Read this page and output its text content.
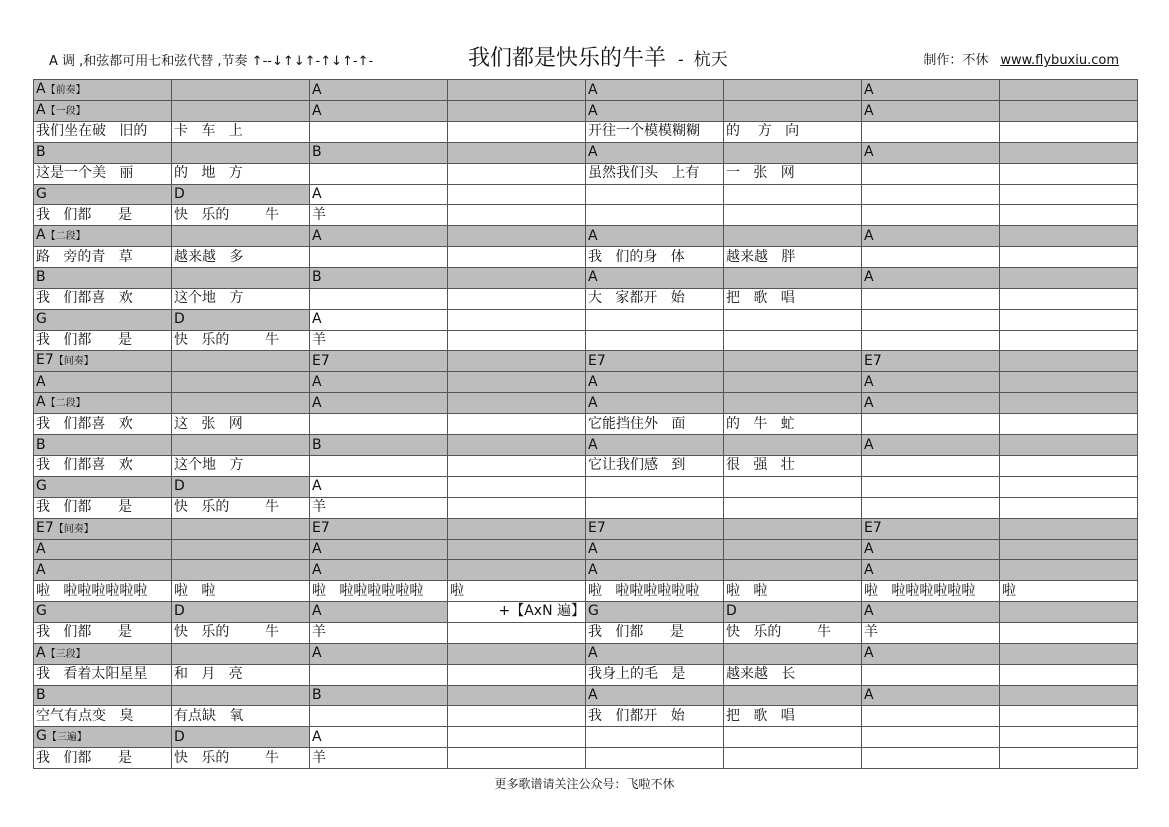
A 调 ,和弦都可用七和弦代替 ,节奏 ↑--↓↑↓↑-↑↓↑-↑-	我们都是快乐的牛羊 - 杭天	制作：不休 www.flybuxiu.com
A【前奏】		A		A		A	
A【一段】		A		A		A	
我们坐在破   旧的	卡   车   上			开往一个模模糊糊	的    方   向		
B		B		A		A	
这是一个美   丽	的   地   方			虽然我们头   上有	一   张   网		
G	D	A					
我   们都      是	快   乐的        牛	羊					
A【二段】		A		A		A	
路   旁的青   草	越来越   多			我   们的身   体	越来越   胖		
B		B		A		A	
我   们都喜   欢	这个地   方			大   家都开   始	把   歌   唱		
G	D	A					
我   们都      是	快   乐的        牛	羊					
E7【间奏】		E7		E7		E7	
A		A		A		A	
A【二段】		A		A		A	
我   们都喜   欢	这   张   网			它能挡住外   面	的   牛   虻		
B		B		A		A	
我   们都喜   欢	这个地   方			它让我们感   到	很   强   壮		
G	D	A					
我   们都      是	快   乐的        牛	羊					
E7【间奏】		E7		E7		E7	
A		A		A		A	
A		A		A		A	
啦   啦啦啦啦啦啦	啦   啦	啦   啦啦啦啦啦啦	啦	啦   啦啦啦啦啦啦	啦   啦	啦   啦啦啦啦啦啦	啦
G	D	A	+【AxN 遍】	G	D	A	
我   们都      是	快   乐的        牛	羊		我   们都      是	快   乐的        牛	羊	
A【三段】		A		A		A	
我   看着太阳星星	和   月   亮			我身上的毛   是	越来越   长		
B		B		A		A	
空气有点变   臭	有点缺   氧			我   们都开   始	把   歌   唱		
G【三遍】	D	A					
我   们都      是	快   乐的        牛	羊					
更多歌谱请关注公众号：飞啦不休
